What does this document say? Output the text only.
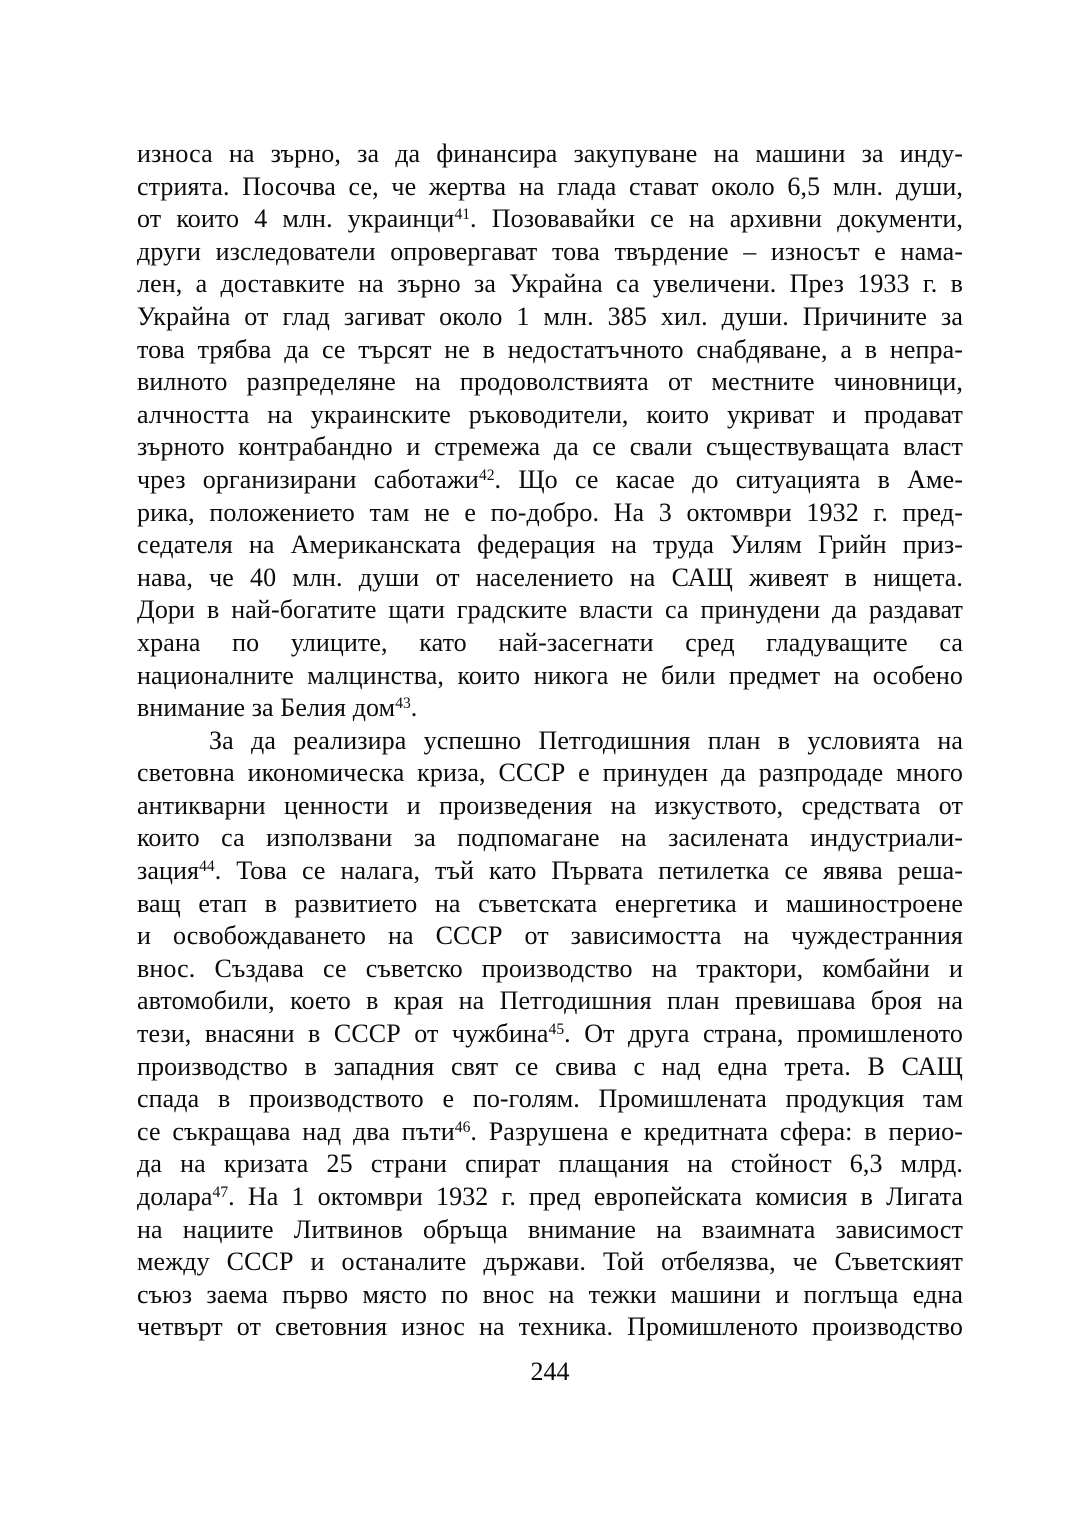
износа на зърно, за да финансира закупуване на машини за инду-
стрията. Посочва се, че жертва на глада стават около 6,5 млн. души,
от които 4 млн. украинци$^{41}$. Позовавайки се на архивни документи,
други изследователи опровергават това твърдение – износът е нама-
лен, а доставките на зърно за Украйна са увеличени. През 1933 г. в
Украйна от глад загиват около 1 млн. 385 хил. души. Причините за
това трябва да се търсят не в недостатъчното снабдяване, а в непра-
вилното разпределяне на продоволствията от местните чиновници,
алчността на украинските ръководители, които укриват и продават
зърното контрабандно и стремежа да се свали съществуващата власт
чрез организирани саботажи$^{42}$. Що се касае до ситуацията в Аме-
рика, положението там не е по-добро. На 3 октомври 1932 г. пред-
седателя на Американската федерация на труда Уилям Грийн приз-
нава, че 40 млн. души от населението на САЩ живеят в нищета.
Дори в най-богатите щати градските власти са принудени да раздават
храна по улиците, като най-засегнати сред гладуващите са
националните малцинства, които никога не били предмет на особено
внимание за Белия дом$^{43}$.
За да реализира успешно Петгодишния план в условията на
световна икономическа криза, СССР е принуден да разпродаде много
антикварни ценности и произведения на изкуството, средствата от
които са използвани за подпомагане на засилената индустриали-
зация$^{44}$. Това се налага, тъй като Първата петилетка се явява реша-
ващ етап в развитието на съветската енергетика и машиностроене
и освобождаването на СССР от зависимостта на чуждестранния
внос. Създава се съветско производство на трактори, комбайни и
автомобили, което в края на Петгодишния план превишава броя на
тези, внасяни в СССР от чужбина$^{45}$. От друга страна, промишленото
производство в западния свят се свива с над една трета. В САЩ
спада в производството е по-голям. Промишлената продукция там
се съкращава над два пъти$^{46}$. Разрушена е кредитната сфера: в перио-
да на кризата 25 страни спират плащания на стойност 6,3 млрд.
долара$^{47}$. На 1 октомври 1932 г. пред европейската комисия в Лигата
на нациите Литвинов обръща внимание на взаимната зависимост
между СССР и останалите държави. Той отбелязва, че Съветският
съюз заема първо място по внос на тежки машини и поглъща една
четвърт от световния износ на техника. Промишленото производство
244
